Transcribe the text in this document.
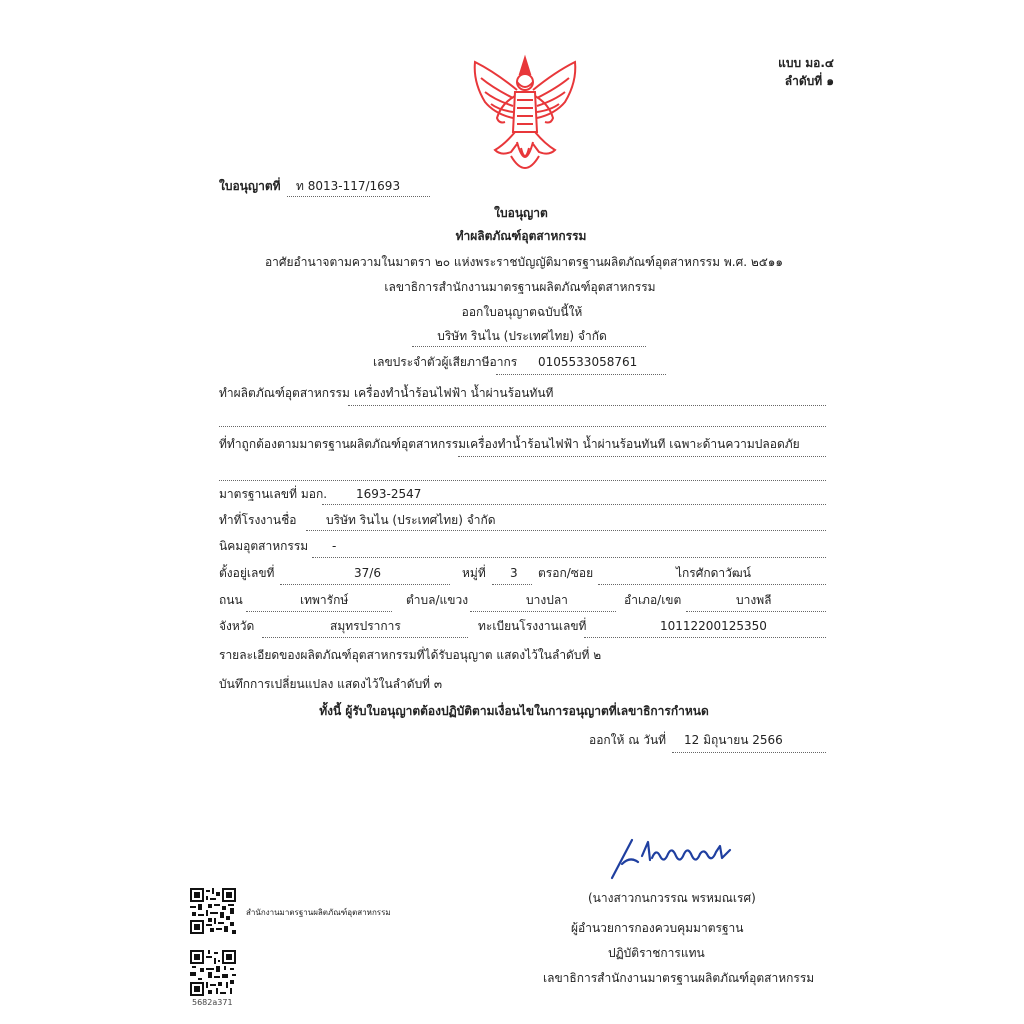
แบบ มอ.๔
ลำดับที่ ๑
ใบอนุญาตที่ ท 8013-117/1693
ใบอนุญาต
ทำผลิตภัณฑ์อุตสาหกรรม
อาศัยอำนาจตามความในมาตรา ๒๐ แห่งพระราชบัญญัติมาตรฐานผลิตภัณฑ์อุตสาหกรรม พ.ศ. ๒๕๑๑
เลขาธิการสำนักงานมาตรฐานผลิตภัณฑ์อุตสาหกรรม
ออกใบอนุญาตฉบับนี้ให้
บริษัท รินไน (ประเทศไทย) จำกัด
เลขประจำตัวผู้เสียภาษีอากร 0105533058761
ทำผลิตภัณฑ์อุตสาหกรรม เครื่องทำน้ำร้อนไฟฟ้า น้ำผ่านร้อนทันที
ที่ทำถูกต้องตามมาตรฐานผลิตภัณฑ์อุตสาหกรรม เครื่องทำน้ำร้อนไฟฟ้า น้ำผ่านร้อนทันที เฉพาะด้านความปลอดภัย
มาตรฐานเลขที่ มอก. 1693-2547
ทำที่โรงงานชื่อ บริษัท รินไน (ประเทศไทย) จำกัด
นิคมอุตสาหกรรม -
ตั้งอยู่เลขที่	37/6	หมู่ที่ 3 ตรอก/ซอย	ไกรศักดาวัฒน์
ถนน	เทพารักษ์	ตำบล/แขวง	บางปลา	อำเภอ/เขต	บางพลี
จังหวัด	สมุทรปราการ	ทะเบียนโรงงานเลขที่	10112200125350
รายละเอียดของผลิตภัณฑ์อุตสาหกรรมที่ได้รับอนุญาต แสดงไว้ในลำดับที่ ๒
บันทึกการเปลี่ยนแปลง แสดงไว้ในลำดับที่ ๓
ทั้งนี้ ผู้รับใบอนุญาตต้องปฏิบัติตามเงื่อนไขในการอนุญาตที่เลขาธิการกำหนด
ออกให้ ณ วันที่ 12 มิถุนายน 2566
(นางสาวกนกวรรณ พรหมณเรศ)
ผู้อำนวยการกองควบคุมมาตรฐาน
ปฏิบัติราชการแทน
เลขาธิการสำนักงานมาตรฐานผลิตภัณฑ์อุตสาหกรรม
สำนักงานมาตรฐานผลิตภัณฑ์อุตสาหกรรม
5682a371
